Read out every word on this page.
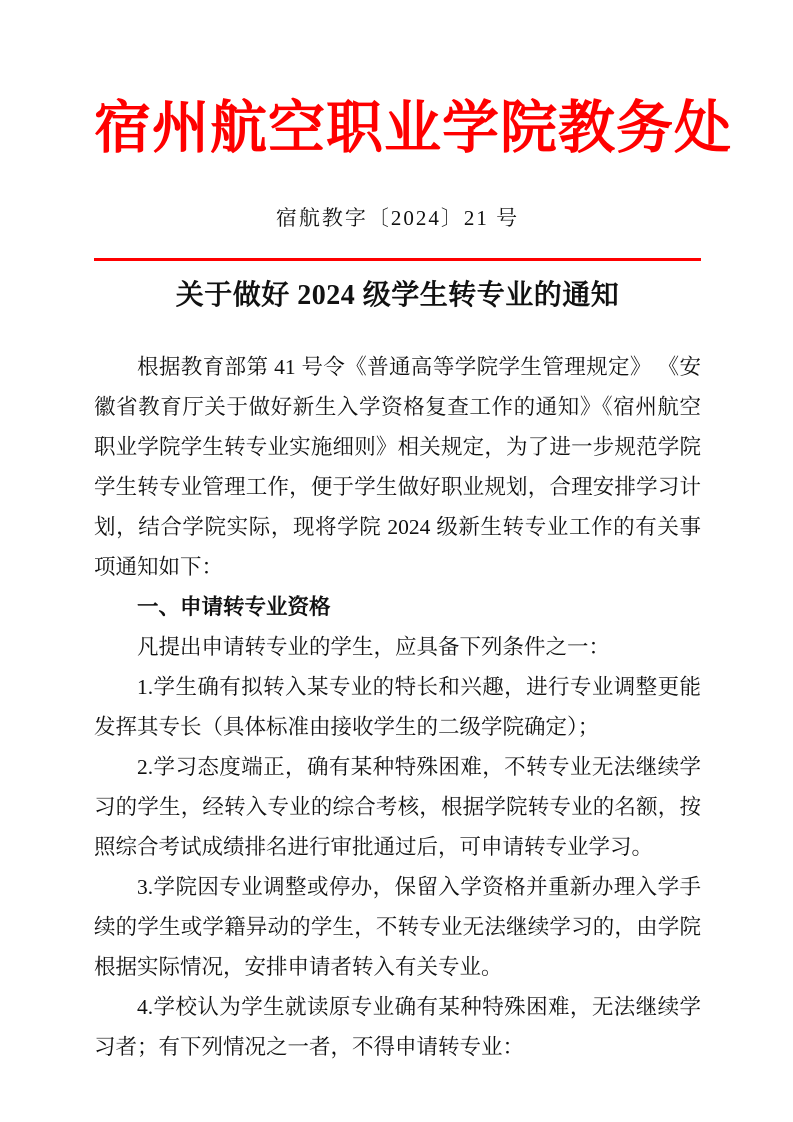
宿州航空职业学院教务处
宿航教字〔2024〕21 号
关于做好 2024 级学生转专业的通知

根据教育部第 41 号令《普通高等学院学生管理规定》 《安徽省教育厅关于做好新生入学资格复查工作的通知》《宿州航空职业学院学生转专业实施细则》相关规定，为了进一步规范学院学生转专业管理工作，便于学生做好职业规划，合理安排学习计划，结合学院实际，现将学院 2024 级新生转专业工作的有关事项通知如下：

一、申请转专业资格

凡提出申请转专业的学生，应具备下列条件之一：

1.学生确有拟转入某专业的特长和兴趣，进行专业调整更能发挥其专长（具体标准由接收学生的二级学院确定）；

2.学习态度端正，确有某种特殊困难，不转专业无法继续学习的学生，经转入专业的综合考核，根据学院转专业的名额，按照综合考试成绩排名进行审批通过后，可申请转专业学习。

3.学院因专业调整或停办，保留入学资格并重新办理入学手续的学生或学籍异动的学生，不转专业无法继续学习的，由学院根据实际情况，安排申请者转入有关专业。

4.学校认为学生就读原专业确有某种特殊困难，无法继续学习者；有下列情况之一者，不得申请转专业：
